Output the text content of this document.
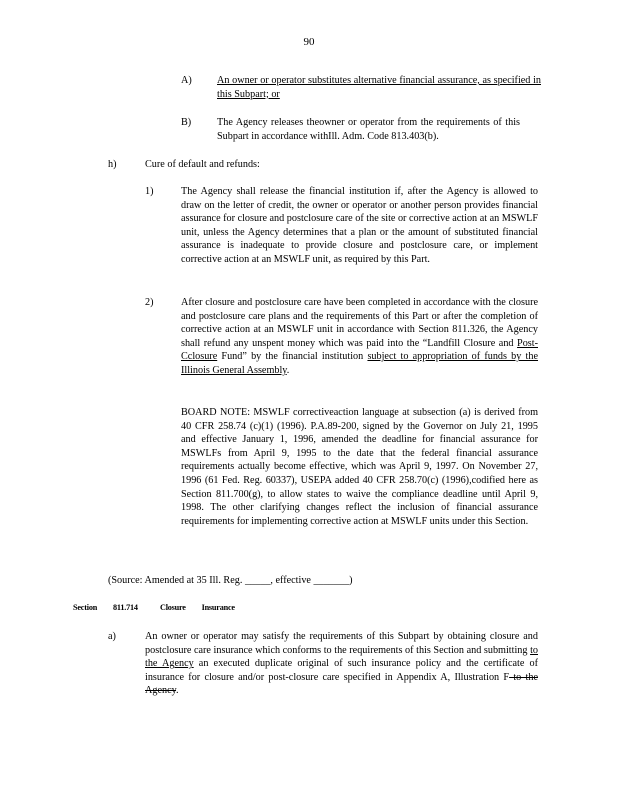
90
A) An owner or operator substitutes alternative financial assurance, as specified in this Subpart; or
B)	The Agency releases theowner or operator from the requirements of this Subpart in accordance withIll. Adm. Code 813.403(b).
h)	Cure of default and refunds:
1)	The Agency shall release the financial institution if, after the Agency is allowed to draw on the letter of credit, the owner or operator or another person provides financial assurance for closure and postclosure care of the site or corrective action at an MSWLF unit, unless the Agency determines that a plan or the amount of substituted financial assurance is inadequate to provide closure and postclosure care, or implement corrective action at an MSWLF unit, as required by this Part.
2)	After closure and postclosure care have been completed in accordance with the closure and postclosure care plans and the requirements of this Part or after the completion of corrective action at an MSWLF unit in accordance with Section 811.326, the Agency shall refund any unspent money which was paid into the “Landfill Closure and Post-Cclosure Fund” by the financial institution subject to appropriation of funds by the Illinois General Assembly.
BOARD NOTE: MSWLF correctiveaction language at subsection (a) is derived from 40 CFR 258.74 (c)(1) (1996). P.A.89-200, signed by the Governor on July 21, 1995 and effective January 1, 1996, amended the deadline for financial assurance for MSWLFs from April 9, 1995 to the date that the federal financial assurance requirements actually become effective, which was April 9, 1997. On November 27, 1996 (61 Fed. Reg. 60337), USEPA added 40 CFR 258.70(c) (1996),codified here as Section 811.700(g), to allow states to waive the compliance deadline until April 9, 1998. The other clarifying changes reflect the inclusion of financial assurance requirements for implementing corrective action at MSWLF units under this Section.
(Source: Amended at 35 Ill. Reg. _____, effective _______)
Section 811.714	Closure Insurance
a)	An owner or operator may satisfy the requirements of this Subpart by obtaining closure and postclosure care insurance which conforms to the requirements of this Section and submitting to the Agency an executed duplicate original of such insurance policy and the certificate of insurance for closure and/or post-closure care specified in Appendix A, Illustration F to the Agency.
